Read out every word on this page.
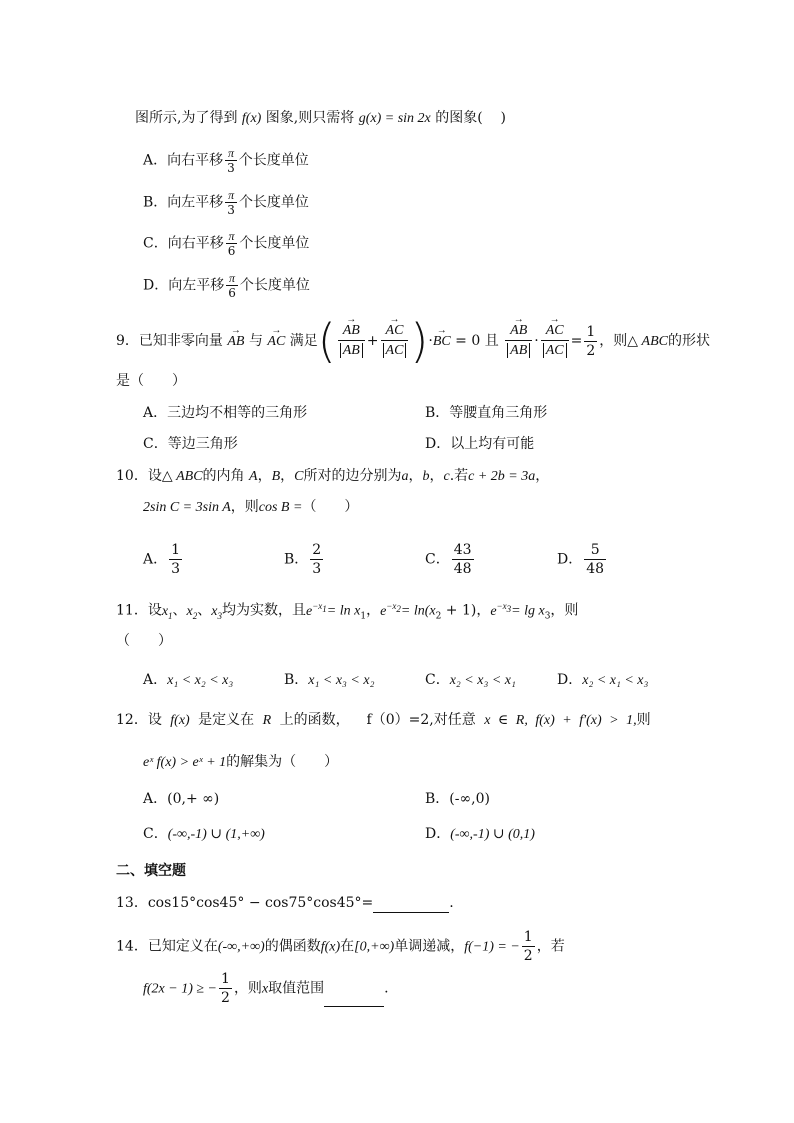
图所示,为了得到 f(x) 图象,则只需将 g(x) = sin 2x 的图象( )
A．向右平移 $\frac{\pi}{3}$ 个长度单位
B．向左平移 $\frac{\pi}{3}$ 个长度单位
C．向右平移 $\frac{\pi}{6}$ 个长度单位
D．向左平移 $\frac{\pi}{6}$ 个长度单位
9．已知非零向量 → AB 与 → AC 满足( → $\frac{AB}{AB}$ + → $\frac{AC}{AC}$ )·→ BC = 0 且 → $\frac{AB}{AB}$ · → $\frac{AC}{AC} = \frac{1}{2}$ ，则△ ABC的形状
是（　　）
A．三边均不相等的三角形	B．等腰直角三角形
C．等边三角形	D．以上均有可能
10．设△ ABC的内角 A，B，C所对的边分别为a，b，c.若c + 2b = 3a，
2sin C = 3sin A，则cos B =（　　）
A． $\frac{1}{3}$	B． $\frac{2}{3}$	C． $\frac{43}{48}$	D． $\frac{5}{48}$
11．设$x_1$、$x_2$、$x_3$均为实数，且$e^{-x_1}= \ln x_1$，$e^{-x_2}= \ln(x_2 + 1)$，$e^{-x_3}= \lg x_3$，则
（　　）
A．x₁ < x₂ < x₃	B．x₁ < x₃ < x₂	C．x₂ < x₃ < x₁	D．x₂ < x₁ < x₃
12．设 f(x) 是定义在 R 上的函数， f（0）=2,对任意 x ∈ R, f(x) + f′(x) > 1,则
eˣ f(x) > eˣ + 1的解集为（　　）
A．(0,+ ∞)	B．(-∞,0)
C．(-∞,-1) ∪ (1,+∞)	D．(-∞,-1) ∪ (0,1)
二、填空题
13．cos15°cos45° − cos75°cos45°=	.
14．已知定义在(-∞,+∞)的偶函数f(x)在[0,+∞)单调递减，f(−1) = − $\frac{1}{2}$ ，若
f(2x − 1) ≥ − $\frac{1}{2}$ ，则x取值范围	.
